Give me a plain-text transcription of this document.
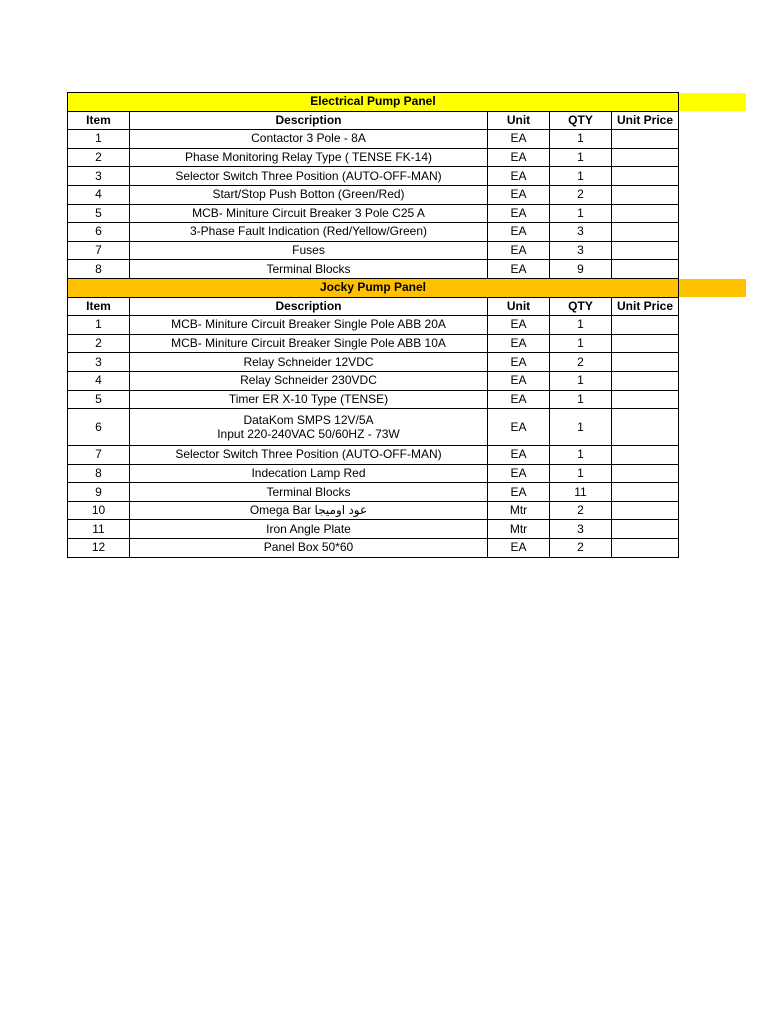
Electrical Pump Panel				
Item	Description	Unit	QTY	Unit Price
1	Contactor 3 Pole - 8A	EA	1	
2	Phase Monitoring Relay Type ( TENSE FK-14)	EA	1	
3	Selector Switch Three Position (AUTO-OFF-MAN)	EA	1	
4	Start/Stop Push Botton (Green/Red)	EA	2	
5	MCB- Miniture Circuit Breaker 3 Pole C25 A	EA	1	
6	3-Phase Fault Indication (Red/Yellow/Green)	EA	3	
7	Fuses	EA	3	
8	Terminal Blocks	EA	9	
Jocky Pump Panel				
Item	Description	Unit	QTY	Unit Price
1	MCB- Miniture Circuit Breaker Single Pole ABB 20A	EA	1	
2	MCB- Miniture Circuit Breaker Single Pole ABB 10A	EA	1	
3	Relay Schneider 12VDC	EA	2	
4	Relay Schneider 230VDC	EA	1	
5	Timer ER X-10 Type (TENSE)	EA	1	
6	DataKom SMPS 12V/5A
Input 220-240VAC 50/60HZ - 73W	EA	1	
7	Selector Switch Three Position (AUTO-OFF-MAN)	EA	1	
8	Indecation Lamp Red	EA	1	
9	Terminal Blocks	EA	11	
10	Omega Bar عود اوميجا	Mtr	2	
11	Iron Angle Plate	Mtr	3	
12	Panel Box 50*60	EA	2	
